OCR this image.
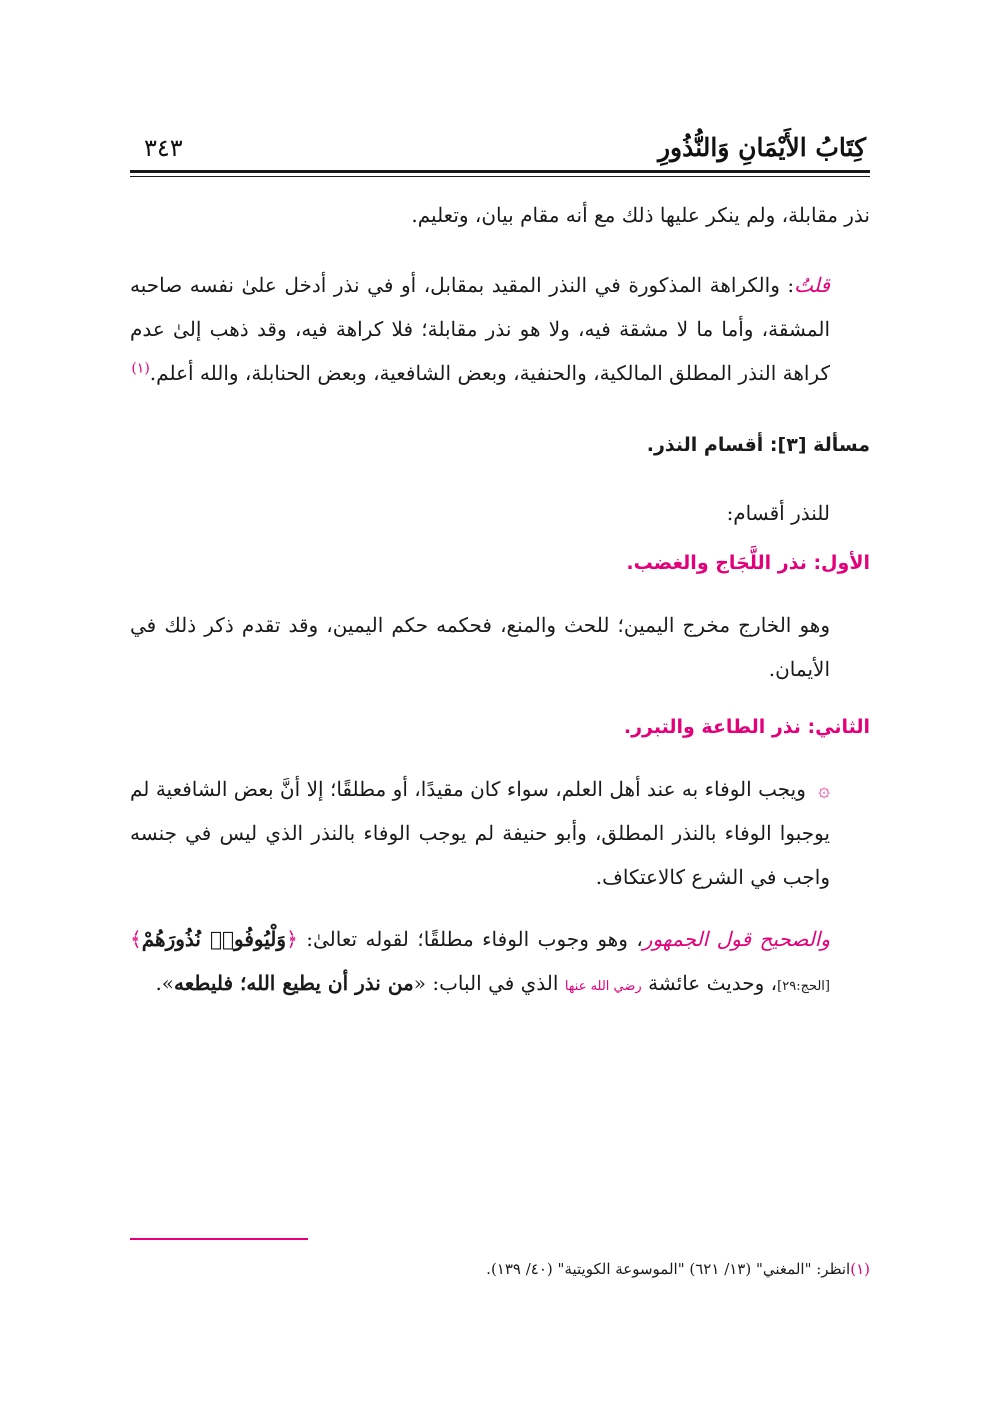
كِتَابُ الأَيْمَانِ وَالنُّذُورِ
٣٤٣

نذر مقابلة، ولم ينكر عليها ذلك مع أنه مقام بيان، وتعليم.

قلتُ: والكراهة المذكورة في النذر المقيد بمقابل، أو في نذر أدخل علىٰ نفسه صاحبه المشقة، وأما ما لا مشقة فيه، ولا هو نذر مقابلة؛ فلا كراهة فيه، وقد ذهب إلىٰ عدم كراهة النذر المطلق المالكية، والحنفية، وبعض الشافعية، وبعض الحنابلة، والله أعلم.$^{(١)}$

مسألة [٣]: أقسام النذر.

للنذر أقسام:

الأول: نذر اللَّجَاج والغضب.

وهو الخارج مخرج اليمين؛ للحث والمنع، فحكمه حكم اليمين، وقد تقدم ذكر ذلك في الأيمان.

الثاني: نذر الطاعة والتبرر.

۞ ويجب الوفاء به عند أهل العلم، سواء كان مقيدًا، أو مطلقًا؛ إلا أنَّ بعض الشافعية لم يوجبوا الوفاء بالنذر المطلق، وأبو حنيفة لم يوجب الوفاء بالنذر الذي ليس في جنسه واجب في الشرع كالاعتكاف.

والصحيح قول الجمهور، وهو وجوب الوفاء مطلقًا؛ لقوله تعالىٰ: ﴿وَلْيُوفُوا۟ نُذُورَهُمْ﴾ [الحج:٢٩]، وحديث عائشة رضي الله عنها الذي في الباب: «من نذر أن يطيع الله؛ فليطعه».

(١)انظر: "المغني" (١٣/ ٦٢١) "الموسوعة الكويتية" (٤٠/ ١٣٩).
